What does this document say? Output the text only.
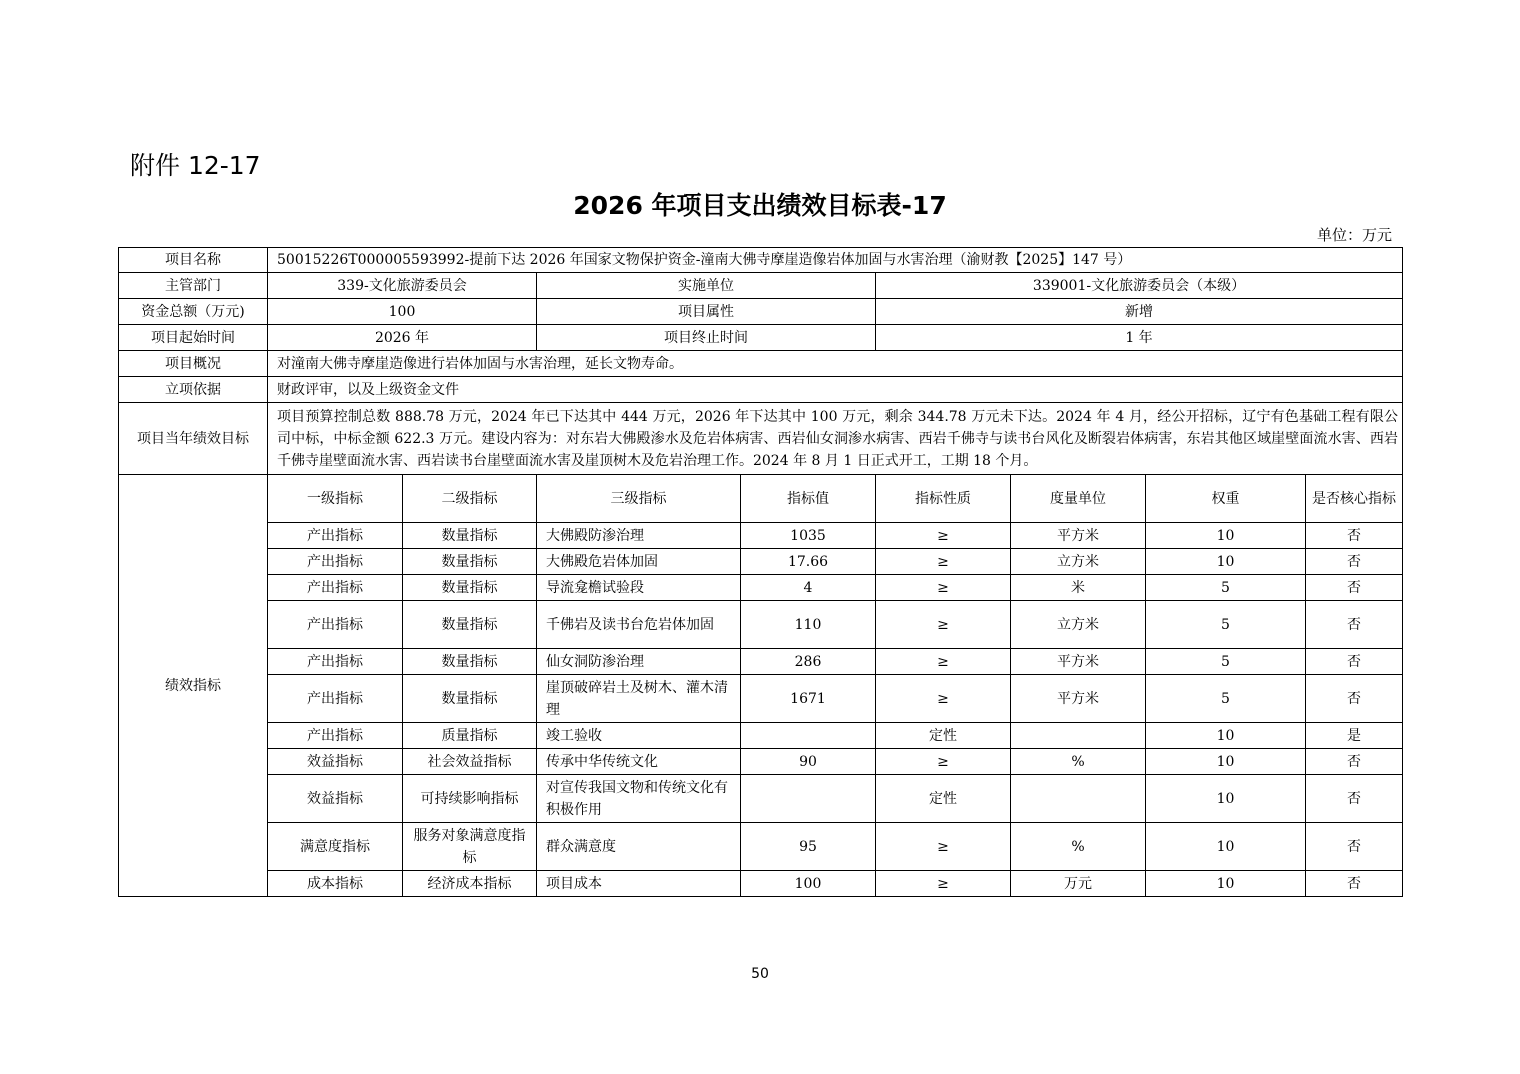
附件 12-17
2026 年项目支出绩效目标表-17
单位：万元
项目名称	50015226T000005593992-提前下达 2026 年国家文物保护资金-潼南大佛寺摩崖造像岩体加固与水害治理（渝财教【2025】147 号）							
主管部门	339-文化旅游委员会		实施单位		339001-文化旅游委员会（本级）			
资金总额（万元)	100		项目属性		新增			
项目起始时间	2026 年		项目终止时间		1 年			
项目概况	对潼南大佛寺摩崖造像进行岩体加固与水害治理，延长文物寿命。							
立项依据	财政评审，以及上级资金文件							
项目当年绩效目标	项目预算控制总数 888.78 万元，2024 年已下达其中 444 万元，2026 年下达其中 100 万元，剩余 344.78 万元未下达。2024 年 4 月，经公开招标，辽宁有色基础工程有限公司中标，中标金额 622.3 万元。建设内容为：对东岩大佛殿渗水及危岩体病害、西岩仙女洞渗水病害、西岩千佛寺与读书台风化及断裂岩体病害，东岩其他区域崖壁面流水害、西岩千佛寺崖壁面流水害、西岩读书台崖壁面流水害及崖顶树木及危岩治理工作。2024 年 8 月 1 日正式开工，工期 18 个月。							
绩效指标	一级指标	二级指标	三级指标	指标值	指标性质	度量单位	权重	是否核心指标
	产出指标	数量指标	大佛殿防渗治理	1035	≥	平方米	10	否
	产出指标	数量指标	大佛殿危岩体加固	17.66	≥	立方米	10	否
	产出指标	数量指标	导流龛檐试验段	4	≥	米	5	否
	产出指标	数量指标	千佛岩及读书台危岩体加固	110	≥	立方米	5	否
	产出指标	数量指标	仙女洞防渗治理	286	≥	平方米	5	否
	产出指标	数量指标	崖顶破碎岩土及树木、灌木清理	1671	≥	平方米	5	否
	产出指标	质量指标	竣工验收		定性		10	是
	效益指标	社会效益指标	传承中华传统文化	90	≥	%	10	否
	效益指标	可持续影响指标	对宣传我国文物和传统文化有积极作用		定性		10	否
	满意度指标	服务对象满意度指标	群众满意度	95	≥	%	10	否
	成本指标	经济成本指标	项目成本	100	≥	万元	10	否
50
